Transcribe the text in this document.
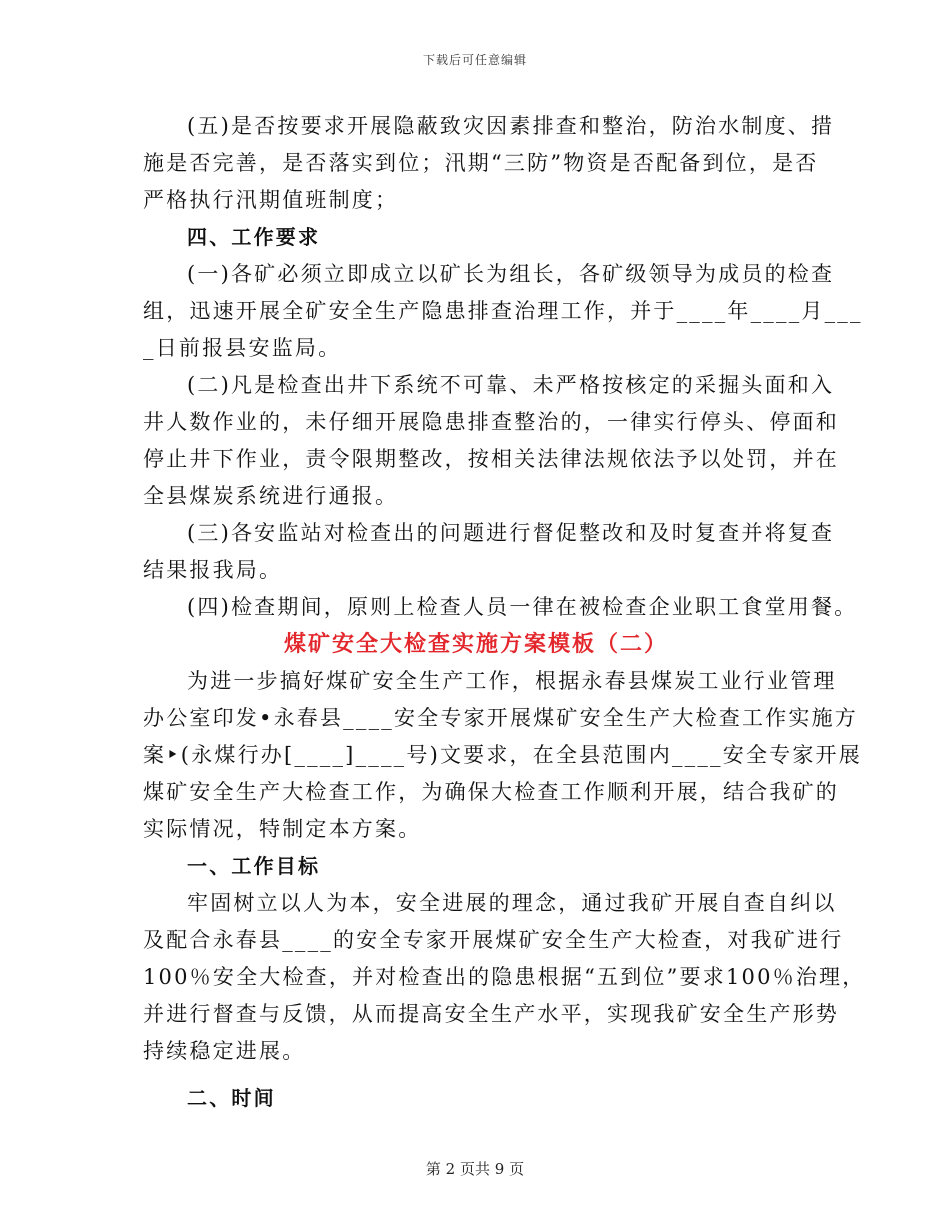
下载后可任意编辑
(五)是否按要求开展隐蔽致灾因素排查和整治，防治水制度、措
施是否完善，是否落实到位；汛期“三防”物资是否配备到位，是否
严格执行汛期值班制度；
四、工作要求
(一)各矿必须立即成立以矿长为组长，各矿级领导为成员的检查
组，迅速开展全矿安全生产隐患排查治理工作，并于____年____月___
_日前报县安监局。
(二)凡是检查出井下系统不可靠、未严格按核定的采掘头面和入
井人数作业的，未仔细开展隐患排查整治的，一律实行停头、停面和
停止井下作业，责令限期整改，按相关法律法规依法予以处罚，并在
全县煤炭系统进行通报。
(三)各安监站对检查出的问题进行督促整改和及时复查并将复查
结果报我局。
(四)检查期间，原则上检查人员一律在被检查企业职工食堂用餐。
煤矿安全大检查实施方案模板（二）
为进一步搞好煤矿安全生产工作，根据永春县煤炭工业行业管理
办公室印发•永春县____安全专家开展煤矿安全生产大检查工作实施方
案‣(永煤行办[____]____号)文要求，在全县范围内____安全专家开展
煤矿安全生产大检查工作，为确保大检查工作顺利开展，结合我矿的
实际情况，特制定本方案。
一、工作目标
牢固树立以人为本，安全进展的理念，通过我矿开展自查自纠以
及配合永春县____的安全专家开展煤矿安全生产大检查，对我矿进行
100％安全大检查，并对检查出的隐患根据“五到位”要求100％治理，
并进行督查与反馈，从而提高安全生产水平，实现我矿安全生产形势
持续稳定进展。
二、时间
第 2 页共 9 页
